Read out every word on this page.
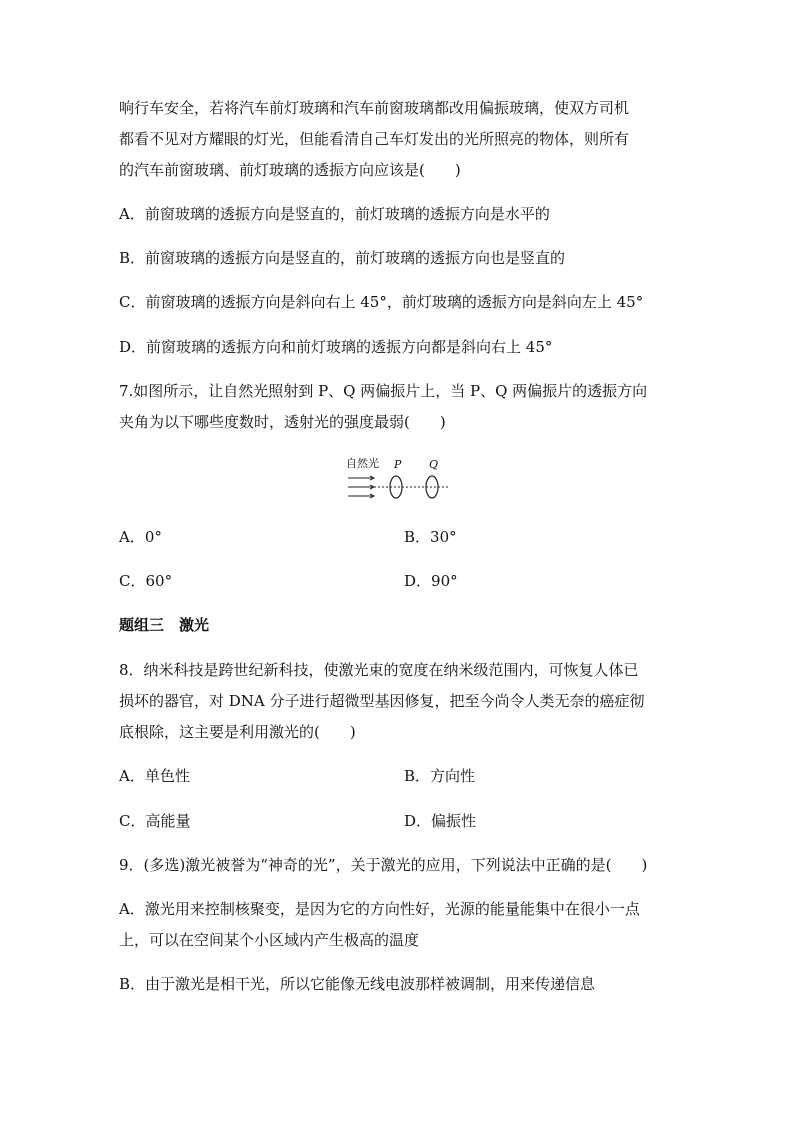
响行车安全，若将汽车前灯玻璃和汽车前窗玻璃都改用偏振玻璃，使双方司机
都看不见对方耀眼的灯光，但能看清自己车灯发出的光所照亮的物体，则所有
的汽车前窗玻璃、前灯玻璃的透振方向应该是(　　)
A．前窗玻璃的透振方向是竖直的，前灯玻璃的透振方向是水平的
B．前窗玻璃的透振方向是竖直的，前灯玻璃的透振方向也是竖直的
C．前窗玻璃的透振方向是斜向右上 45°，前灯玻璃的透振方向是斜向左上 45°
D．前窗玻璃的透振方向和前灯玻璃的透振方向都是斜向右上 45°
7.如图所示，让自然光照射到 P、Q 两偏振片上，当 P、Q 两偏振片的透振方向
夹角为以下哪些度数时，透射光的强度最弱(　　)
自然光 P	Q
A．0°	B．30°
C．60°	D．90°
题组三　激光
8．纳米科技是跨世纪新科技，使激光束的宽度在纳米级范围内，可恢复人体已
损坏的器官，对 DNA 分子进行超微型基因修复，把至今尚令人类无奈的癌症彻
底根除，这主要是利用激光的(　　)
A．单色性	B．方向性
C．高能量	D．偏振性
9．(多选)激光被誉为“神奇的光”，关于激光的应用，下列说法中正确的是(　　)
A．激光用来控制核聚变，是因为它的方向性好，光源的能量能集中在很小一点
上，可以在空间某个小区域内产生极高的温度
B．由于激光是相干光，所以它能像无线电波那样被调制，用来传递信息
